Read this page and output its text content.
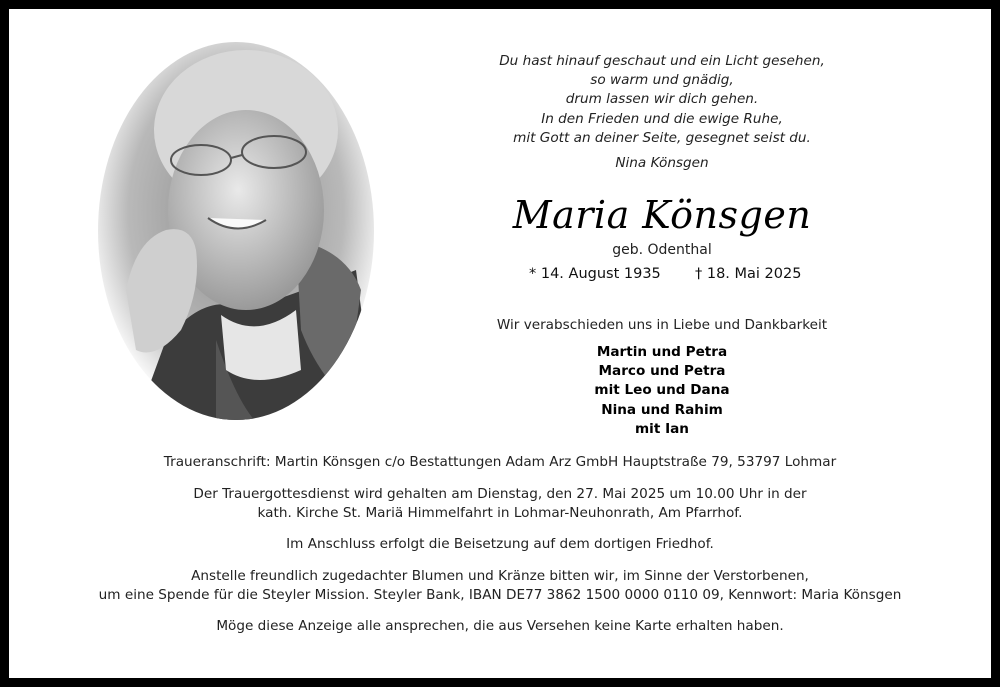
Du hast hinauf geschaut und ein Licht gesehen,
so warm und gnädig,
drum lassen wir dich gehen.
In den Frieden und die ewige Ruhe,
mit Gott an deiner Seite, gesegnet seist du.
Nina Könsgen
Maria Könsgen
geb. Odenthal
* 14. August 1935 † 18. Mai 2025
Wir verabschieden uns in Liebe und Dankbarkeit
Martin und Petra
Marco und Petra
mit Leo und Dana
Nina und Rahim
mit Ian
Traueranschrift: Martin Könsgen c/o Bestattungen Adam Arz GmbH Hauptstraße 79, 53797 Lohmar
Der Trauergottesdienst wird gehalten am Dienstag, den 27. Mai 2025 um 10.00 Uhr in der
kath. Kirche St. Mariä Himmelfahrt in Lohmar-Neuhonrath, Am Pfarrhof.
Im Anschluss erfolgt die Beisetzung auf dem dortigen Friedhof.
Anstelle freundlich zugedachter Blumen und Kränze bitten wir, im Sinne der Verstorbenen,
um eine Spende für die Steyler Mission. Steyler Bank, IBAN DE77 3862 1500 0000 0110 09, Kennwort: Maria Könsgen
Möge diese Anzeige alle ansprechen, die aus Versehen keine Karte erhalten haben.
